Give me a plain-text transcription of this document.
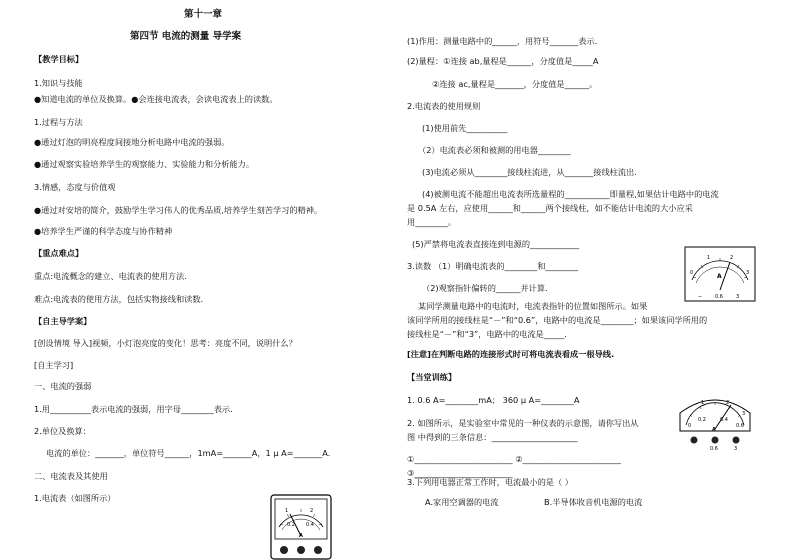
第十一章
第四节 电流的测量 导学案
【教学目标】
1.知识与技能
●知道电流的单位及换算。●会连接电流表，会读电流表上的读数。
1.过程与方法
●通过灯泡的明亮程度间接地分析电路中电流的强弱。
●通过观察实验培养学生的观察能力、实验能力和分析能力。
3.情感，态度与价值观
●通过对安培的简介，鼓励学生学习伟人的优秀品质,培养学生刻苦学习的精神。
●培养学生严谨的科学态度与协作精神
【重点难点】
重点:电流概念的建立、电流表的使用方法.
难点:电流表的使用方法，包括实物接线和读数.
【自主导学案】
[创设情境 导入]视频，小灯泡亮度的变化！思考：亮度不同，说明什么？
[自主学习]
一、电流的强弱
1.用__________表示电流的强弱，用字母________表示.
2.单位及换算：
电流的单位：_______，单位符号______，1mA=_______A，1 μ A=_______A.
二、电流表及其使用
1.电流表（如图所示）
1	2
0.2 0.4
A
(1)作用：测量电路中的______，用符号_______表示.
(2)量程：①连接 ab,量程是______，分度值是_____A
②连接 ac,量程是_______，分度值是______。
2.电流表的使用规则
(1)使用前先__________
（2）电流表必须和被测的用电器________
(3)电流必须从________接线柱流进，从_______接线柱流出.
(4)被测电流不能超出电流表所选量程的___________即量程,如果估计电路中的电流
是 0.5A 左右，应使用______和______两个接线柱，如不能估计电流的大小应采
用________。
(5)严禁将电流表直接连到电源的____________
3.读数 （1）明确电流表的________和________
（2)观察指针偏转的______并计算.
某同学测量电路中的电流时，电流表指针的位置如图所示。如果
该同学所用的接线柱是“－”和“0.6”，电路中的电流是________；如果该同学所用的
接线柱是“－”和“3”，电路中的电流是_____.
[注意]在判断电路的连接形式时可将电流表看成一根导线.
【当堂训练】
1. 0.6 A=________mA； 360 μ A=________A
2. 如图所示，是实验室中常见的一种仪表的示意图，请你写出从
图 中得到的三条信息：_____________________
①________________________ ②________________________
③________________________
3.下列用电器正常工作时，电流最小的是（ ）
A.家用空调器的电流	B.半导体收音机电源的电流
0
1	2
3
A
−	0.6	3
1	2
3
0
0.2	0.4
0.6
A
0.6	3
